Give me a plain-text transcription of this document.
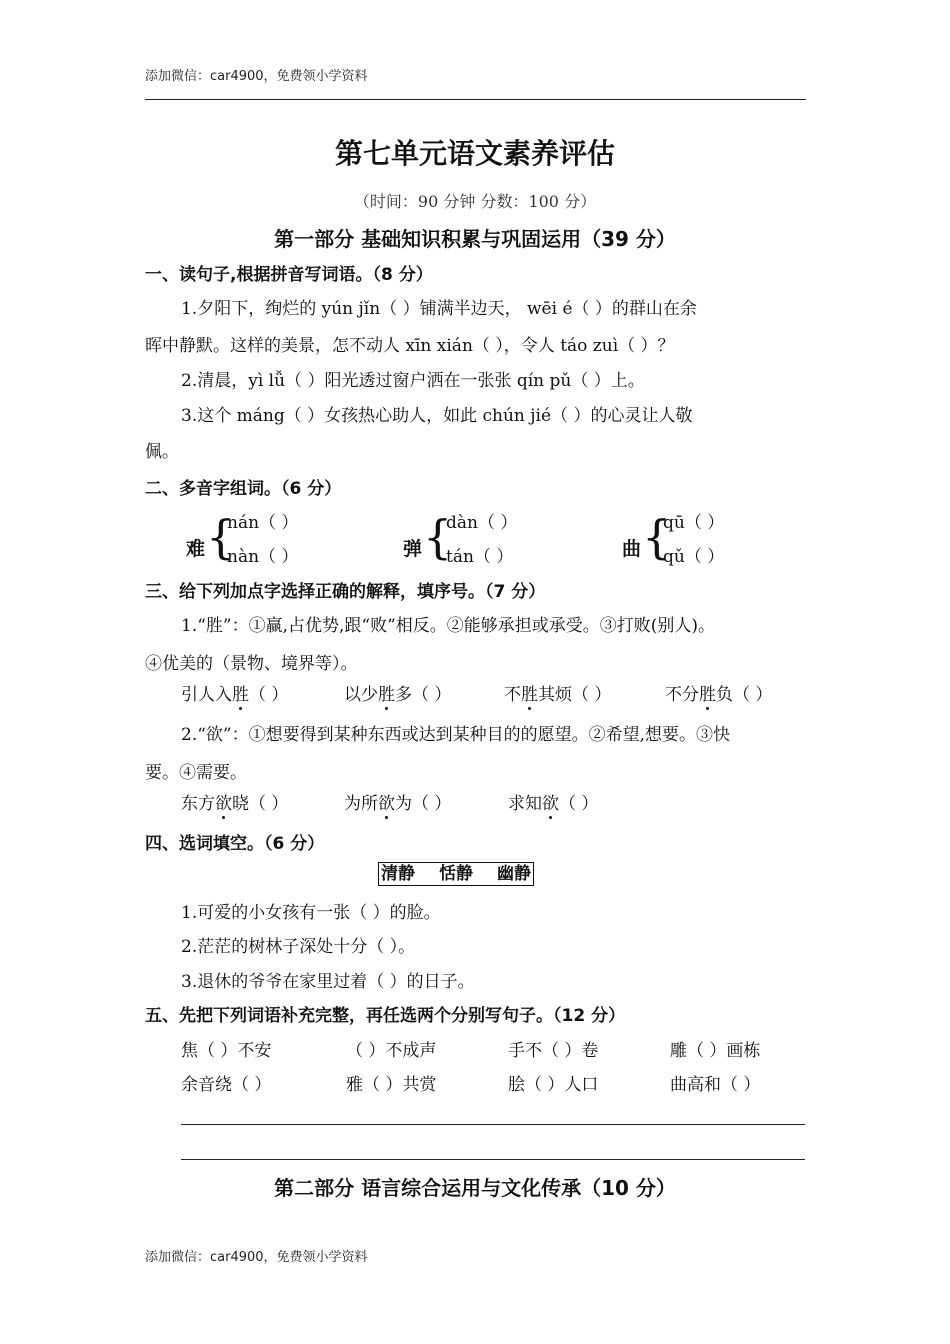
添加微信：car4900，免费领小学资料
第七单元语文素养评估
（时间：90 分钟 分数：100 分）
第一部分 基础知识积累与巩固运用（39 分）
一、读句子,根据拼音写词语。（8 分）
1.夕阳下，绚烂的 yún jǐn（ ）铺满半边天， wēi é（ ）的群山在余
晖中静默。这样的美景，怎不动人 xīn xián（ ），令人 táo zuì（ ）？
2.清晨，yì lǚ（ ）阳光透过窗户洒在一张张 qín pǔ（ ）上。
3.这个 máng（ ）女孩热心助人，如此 chún jié（ ）的心灵让人敬
佩。
二、多音字组词。（6 分）
难 {
nán（ ）
nàn（ ）	弹 {
dàn（ ）
tán（ ）	曲 {
qū（ ）
qǔ（ ）
三、给下列加点字选择正确的解释，填序号。（7 分）
1.“胜”：①赢,占优势,跟“败”相反。②能够承担或承受。③打败(别人)。
④优美的（景物、境界等）。
引人入胜（ ）	以少胜多（ ）	不胜其烦（ ）	不分胜负（ ）
2.“欲”：①想要得到某种东西或达到某种目的的愿望。②希望,想要。③快
要。④需要。
东方欲晓（ ）	为所欲为（ ）	求知欲（ ）
四、选词填空。（6 分）
清静 恬静 幽静
1.可爱的小女孩有一张（ ）的脸。
2.茫茫的树林子深处十分（ ）。
3.退休的爷爷在家里过着（ ）的日子。
五、先把下列词语补充完整，再任选两个分别写句子。（12 分）
焦（ ）不安	（ ）不成声	手不（ ）卷	雕（ ）画栋
余音绕（ ）	雅（ ）共赏	脍（ ）人口	曲高和（ ）
第二部分 语言综合运用与文化传承（10 分）
添加微信：car4900，免费领小学资料
